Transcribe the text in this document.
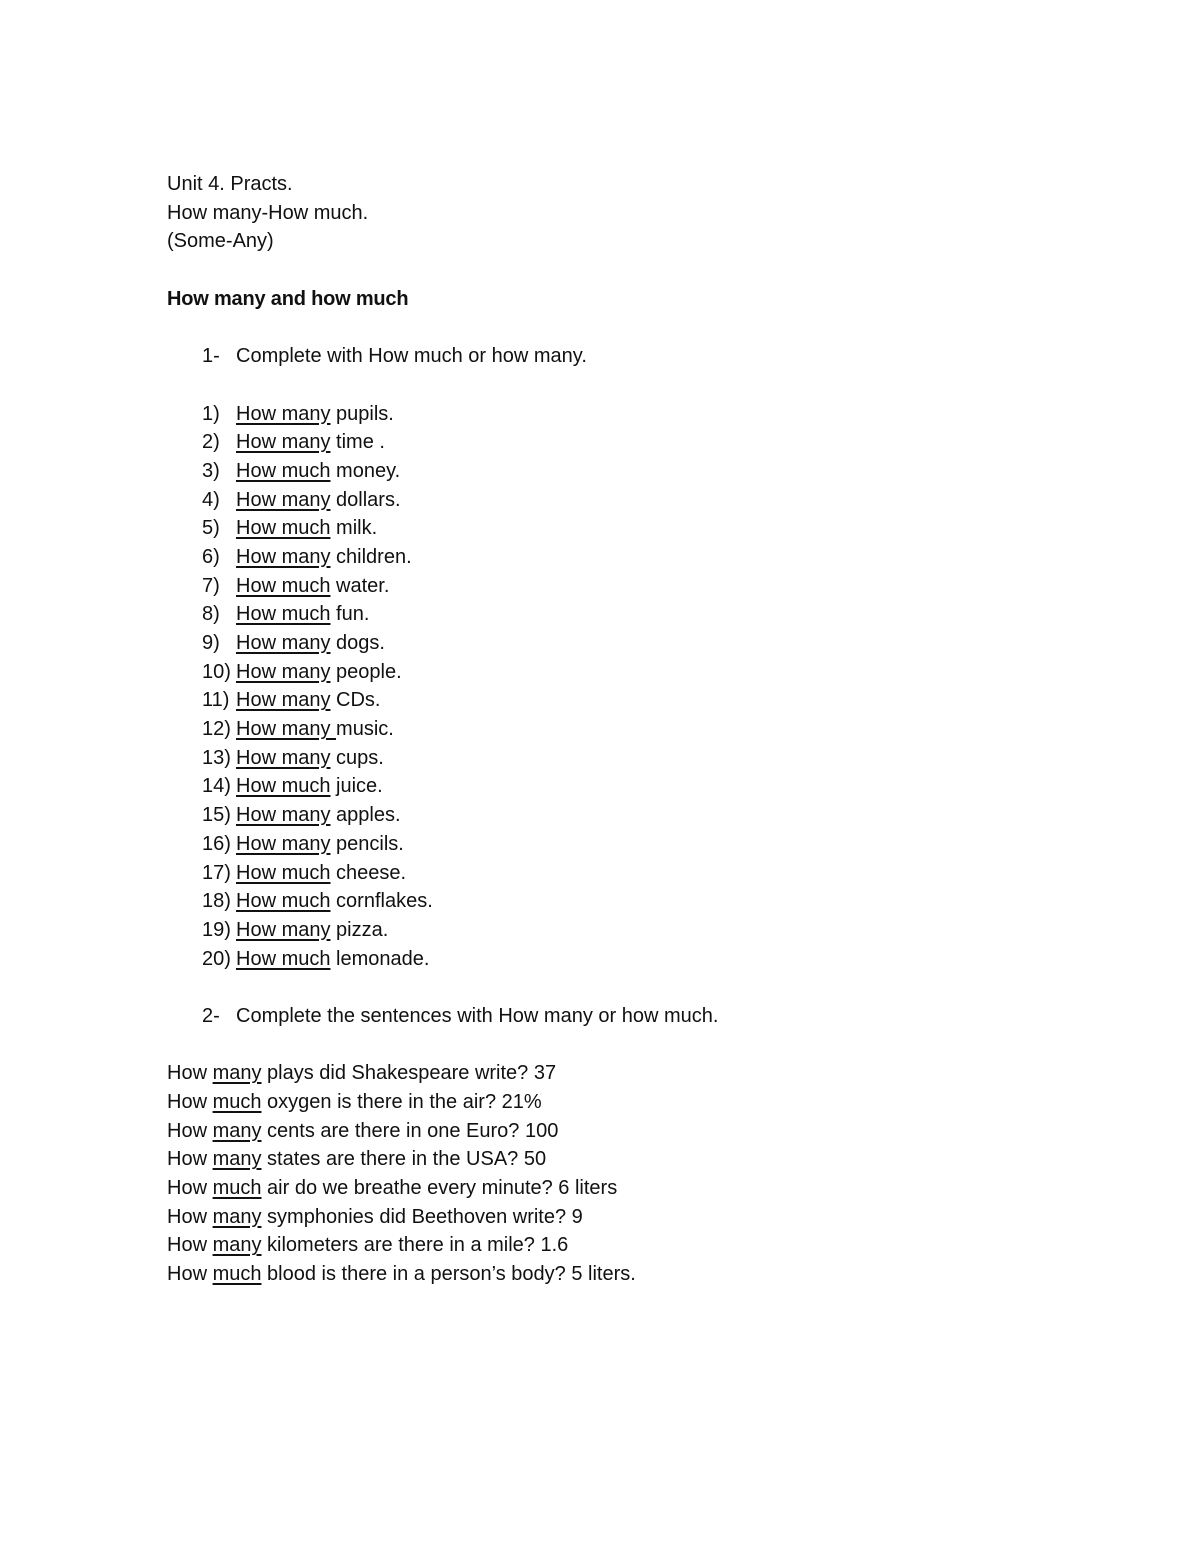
Unit 4. Practs.
How many-How much.
(Some-Any)
How many and how much
1- Complete with How much or how many.
1) How many pupils.
2) How many time .
3) How much money.
4) How many dollars.
5) How much milk.
6) How many children.
7) How much water.
8) How much fun.
9) How many dogs.
10) How many people.
11) How many CDs.
12) How many music.
13) How many cups.
14) How much juice.
15) How many apples.
16) How many pencils.
17) How much cheese.
18) How much cornflakes.
19) How many pizza.
20) How much lemonade.
2- Complete the sentences with How many or how much.
How many plays did Shakespeare write? 37
How much oxygen is there in the air? 21%
How many cents are there in one Euro? 100
How many states are there in the USA? 50
How much air do we breathe every minute? 6 liters
How many symphonies did Beethoven write? 9
How many kilometers are there in a mile? 1.6
How much blood is there in a person’s body? 5 liters.
